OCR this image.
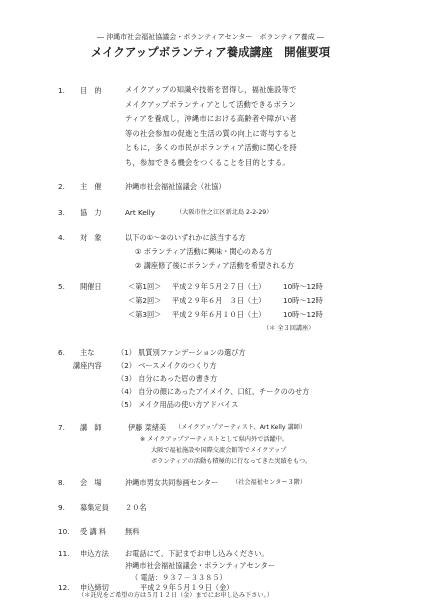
― 沖縄市社会福祉協議会・ボランティアセンター　ボランティア養成 ―
メイクアップボランティア養成講座　開催要項
1. 目　的	メイクアップの知識や技術を習得し，福祉施設等で
メイクアップボランティアとして活動できるボラン
ティアを養成し，沖縄市における高齢者や障がい者
等の社会参加の促進と生活の質の向上に寄与すると
ともに，多くの市民がボランティア活動に関心を持
ち，参加できる機会をつくることを目的とする。
2. 主　催	沖縄市社会福祉協議会（社協）
3. 協　力	Art Kelly	（大阪市住之江区新北島 2-2-29）
4. 対　象	以下の①～②のいずれかに該当する方
① ボランティア活動に興味・関心のある方
② 講座修了後にボランティア活動を希望される方
5. 開催日	＜第1回＞ 平成２９年５月２７日（土） 10時～12時
＜第2回＞ 平成２９年６月　３日（土） 10時～12時
＜第3回＞ 平成２９年６月１０日（土） 10時～12時
（＊ 全３回講座）
6. 主な
講座内容
（1） 肌質別ファンデーションの選び方
（2） ベースメイクのつくり方
（3） 自分にあった眉の書き方
（4） 自分の顔にあったアイメイク、口紅、チークののせ方
（5） メイク用品の使い方アドバイス
7. 講　師	伊藤 菜緒美 （メイクアップアーティスト、Art Kelly 講師）
※ メイクアップアーティストとして県内外で活躍中。
大阪で福祉施設や国際交流会館等でメイクアップ
ボランティアの活動も積極的に行なってきた実績をもつ。
8. 会　場	沖縄市男女共同参画センター （社会福祉センター３階）
9. 募集定員 ２０名
10. 受 講 料	無料
11. 申込方法 お電話にて、下記までお申し込みください。
沖縄市社会福祉協議会・ボランティアセンター
（ 電話：９３７－３３８５）
12. 申込締切	平成２９年５月１９日（金）
（＊託児をご希望の方は５月１２日（金）までにお申し込み下さい。）
